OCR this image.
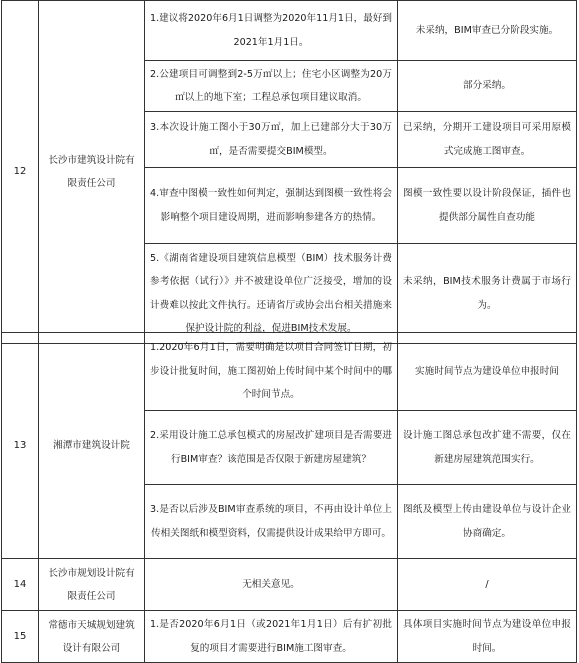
12	长沙市建筑设计院有限责任公司	1.建议将2020年6月1日调整为2020年11月1日，最好到2021年1月1日。	未采纳，BIM审查已分阶段实施。
		2.公建项目可调整到2-5万㎡以上；住宅小区调整为20万㎡以上的地下室；工程总承包项目建议取消。	部分采纳。
		3.本次设计施工图小于30万㎡，加上已建部分大于30万㎡，是否需要提交BIM模型。	已采纳，分期开工建设项目可采用原模式完成施工图审查。
		4.审查中图模一致性如何判定，强制达到图模一致性将会影响整个项目建设周期，进而影响参建各方的热情。	图模一致性要以设计阶段保证，插件也提供部分属性自查功能
		5.《湖南省建设项目建筑信息模型（BIM）技术服务计费参考依据（试行）》并不被建设单位广泛接受，增加的设计费难以按此文件执行。还请省厅或协会出台相关措施来保护设计院的利益，促进BIM技术发展。	未采纳，BIM技术服务计费属于市场行为。
13	湘潭市建筑设计院	1.2020年6月1日，需要明确是以项目合同签订日期，初步设计批复时间，施工图初始上传时间中某个时间中的哪个时间节点。	实施时间节点为建设单位申报时间
		2.采用设计施工总承包模式的房屋改扩建项目是否需要进行BIM审查？该范围是否仅限于新建房屋建筑？	设计施工图总承包改扩建不需要，仅在新建房屋建筑范围实行。
		3.是否以后涉及BIM审查系统的项目，不再由设计单位上传相关图纸和模型资料，仅需提供设计成果给甲方即可。	图纸及模型上传由建设单位与设计企业协商确定。
14	长沙市规划设计院有限责任公司	无相关意见。	/
15	常德市天城规划建筑设计有限公司	1.是否2020年6月1日（或2021年1月1日）后有扩初批复的项目才需要进行BIM施工图审查。	具体项目实施时间节点为建设单位申报时间。
